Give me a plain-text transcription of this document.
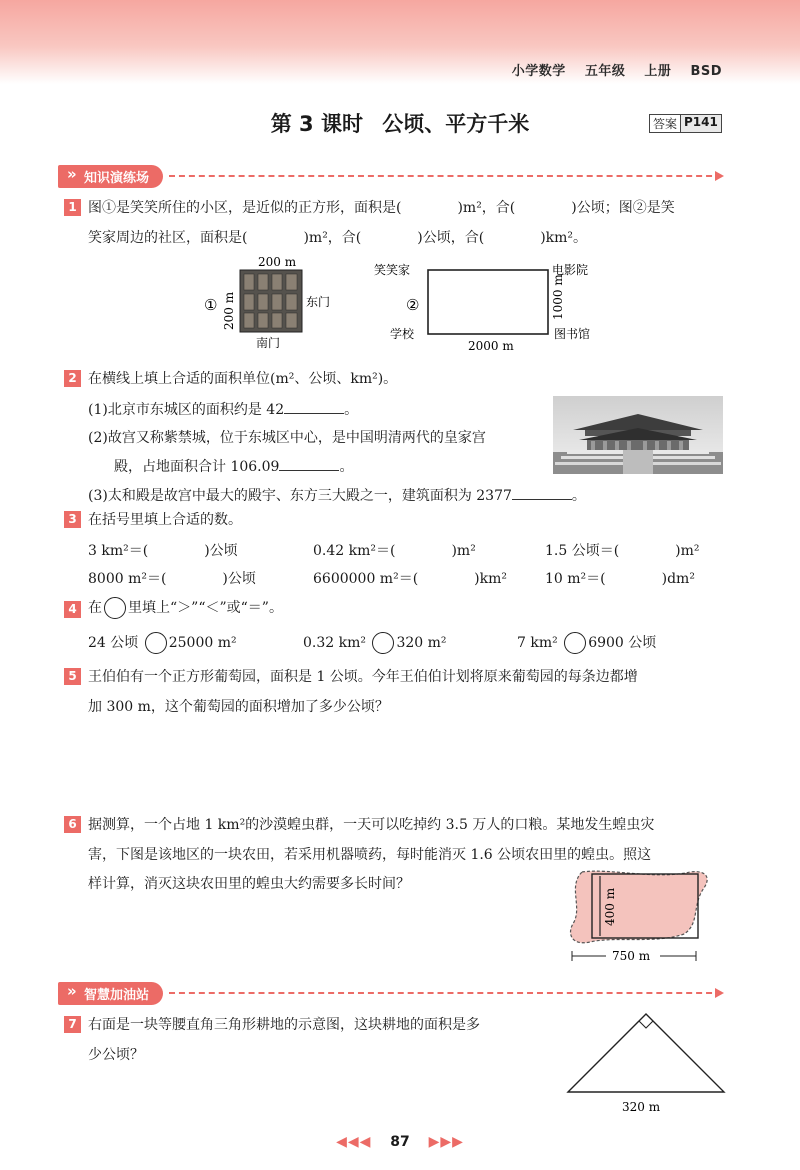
小学数学 五年级 上册 BSD
第 3 课时 公顷、平方千米	答案 P141
» 知识演练场
1 图①是笑笑所住的小区，是近似的正方形，面积是(　　　　)m²，合(　　　　)公顷；图②是笑
笑家周边的社区，面积是(　　　　)m²，合(　　　　)公顷，合(　　　　)km²。
200 m
① 200 m	东门
南门
笑笑家	电影院
②	1000 m
学校	图书馆
2000 m
2 在横线上填上合适的面积单位(m²、公顷、km²)。
(1)北京市东城区的面积约是 42	。
(2)故宫又称紫禁城，位于东城区中心，是中国明清两代的皇家宫
殿，占地面积合计 106.09	。
(3)太和殿是故宫中最大的殿宇、东方三大殿之一，建筑面积为 2377	。
3 在括号里填上合适的数。
3 km²＝(　　　　)公顷	0.42 km²＝(　　　　)m²	1.5 公顷＝(　　　　)m²
8000 m²＝(　　　　)公顷	6600000 m²＝(　　　　)km²	10 m²＝(　　　　)dm²
4 在 里填上“＞”“＜”或“＝”。
24 公顷 25000 m²	0.32 km² 320 m²	7 km² 6900 公顷
5 王伯伯有一个正方形葡萄园，面积是 1 公顷。今年王伯伯计划将原来葡萄园的每条边都增
加 300 m，这个葡萄园的面积增加了多少公顷？
6 据测算，一个占地 1 km²的沙漠蝗虫群，一天可以吃掉约 3.5 万人的口粮。某地发生蝗虫灾
害，下图是该地区的一块农田，若采用机器喷药，每时能消灭 1.6 公顷农田里的蝗虫。照这
样计算，消灭这块农田里的蝗虫大约需要多长时间？
400 m
750 m
» 智慧加油站
7 右面是一块等腰直角三角形耕地的示意图，这块耕地的面积是多
少公顷？
320 m
◀◀◀ 87 ▶▶▶
